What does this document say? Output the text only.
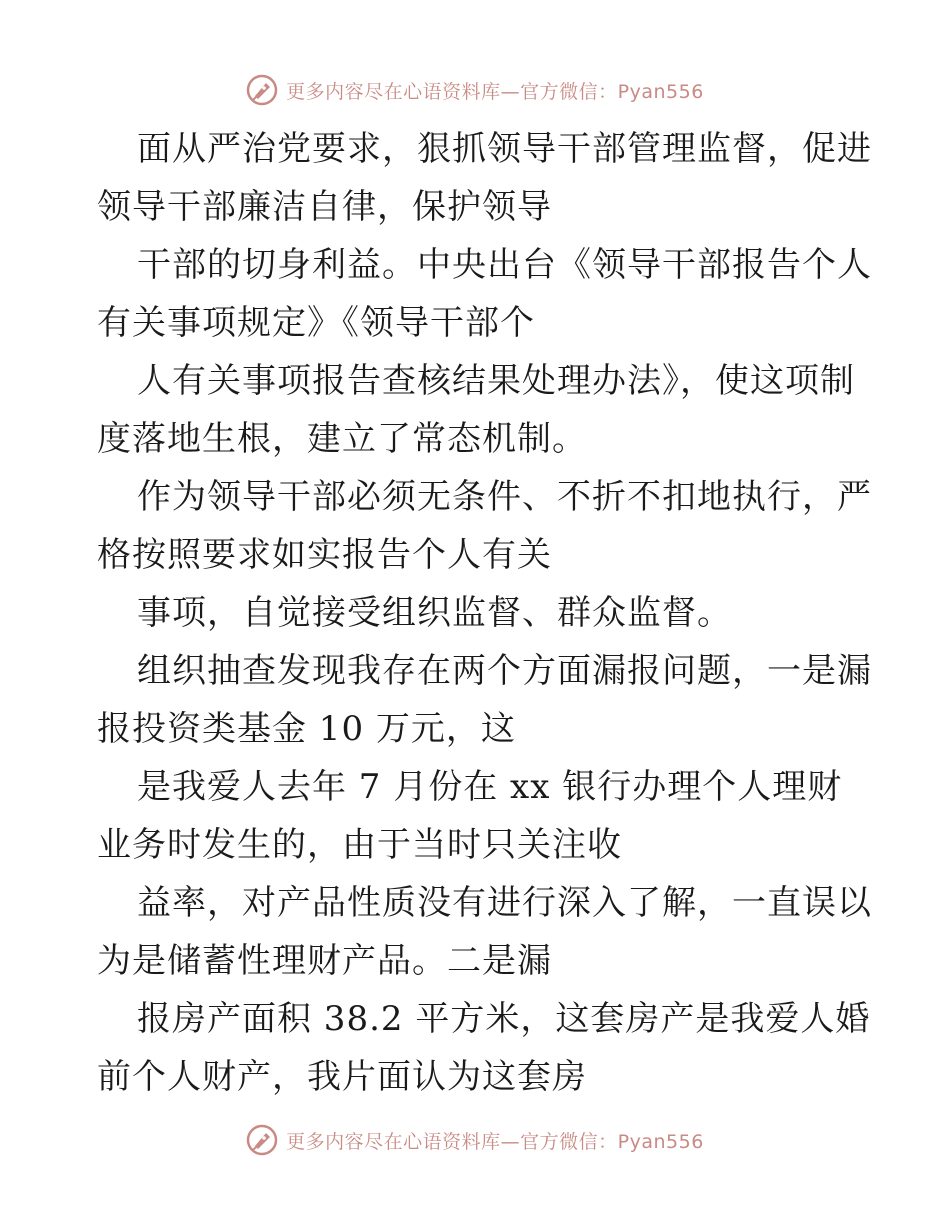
更多内容尽在心语资料库—官方微信：Pyan556
面从严治党要求，狠抓领导干部管理监督，促进
领导干部廉洁自律，保护领导
干部的切身利益。中央出台《领导干部报告个人
有关事项规定》《领导干部个
人有关事项报告查核结果处理办法》，使这项制
度落地生根，建立了常态机制。
作为领导干部必须无条件、不折不扣地执行，严
格按照要求如实报告个人有关
事项，自觉接受组织监督、群众监督。
组织抽查发现我存在两个方面漏报问题，一是漏
报投资类基金 10 万元，这
是我爱人去年 7 月份在 xx 银行办理个人理财
业务时发生的，由于当时只关注收
益率，对产品性质没有进行深入了解，一直误以
为是储蓄性理财产品。二是漏
报房产面积 38.2 平方米，这套房产是我爱人婚
前个人财产，我片面认为这套房
更多内容尽在心语资料库—官方微信：Pyan556
